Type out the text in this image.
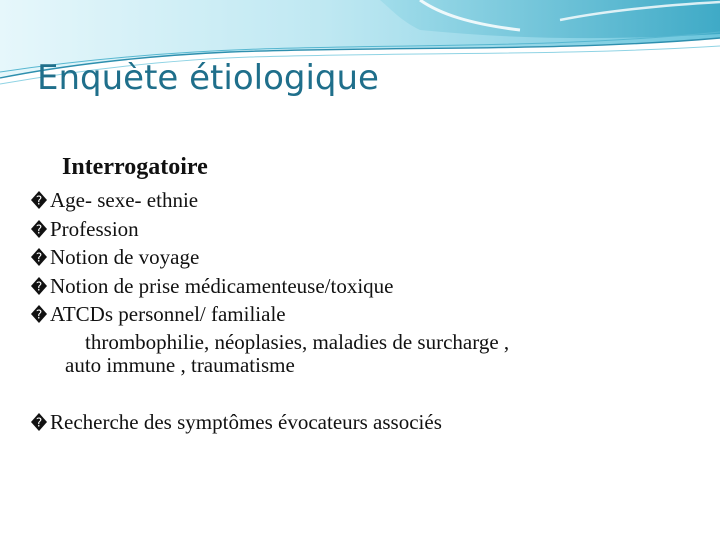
Enquète étiologique
Interrogatoire
? Age- sexe- ethnie
? Profession
? Notion de voyage
? Notion de prise médicamenteuse/toxique
? ATCDs personnel/ familiale
thrombophilie, néoplasies, maladies de surcharge ,
auto immune , traumatisme
? Recherche des symptômes évocateurs associés
